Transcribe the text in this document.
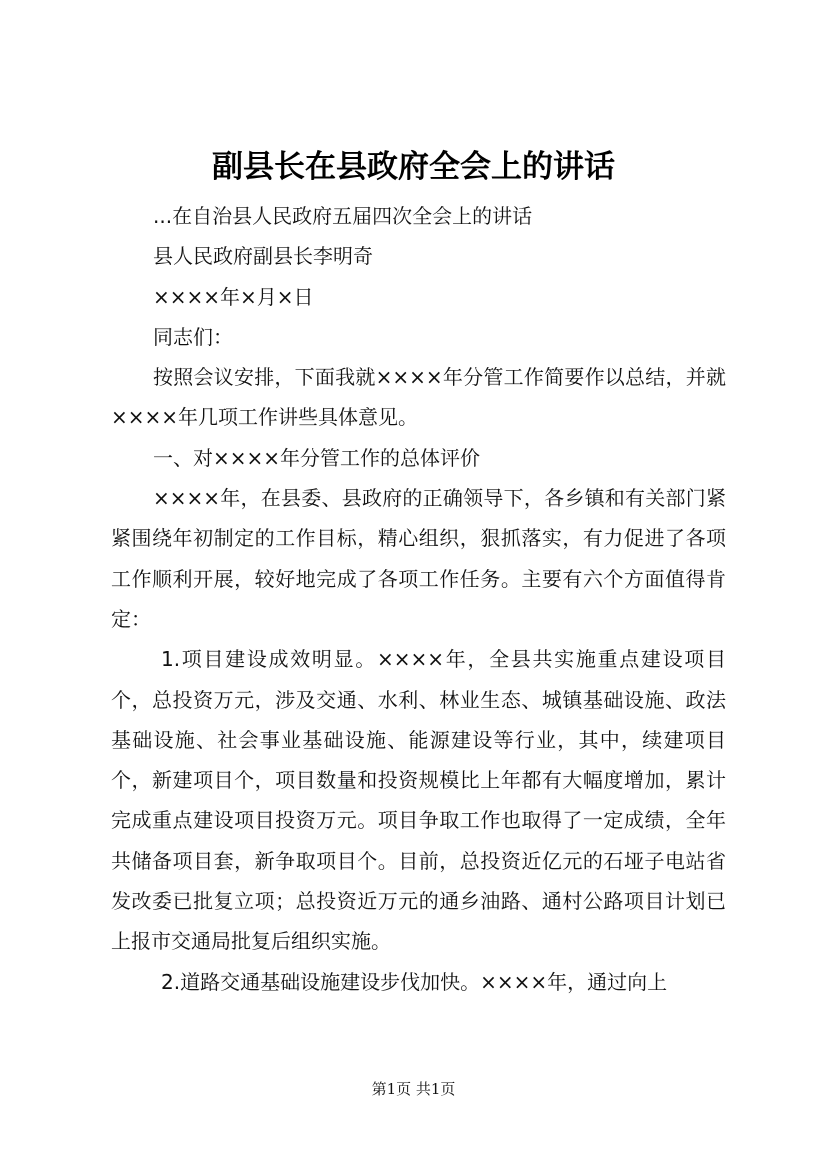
副县长在县政府全会上的讲话

...在自治县人民政府五届四次全会上的讲话

县人民政府副县长李明奇

××××年×月×日

同志们：

按照会议安排，下面我就××××年分管工作简要作以总结，并就××××年几项工作讲些具体意见。

一、对××××年分管工作的总体评价

××××年，在县委、县政府的正确领导下，各乡镇和有关部门紧紧围绕年初制定的工作目标，精心组织，狠抓落实，有力促进了各项工作顺利开展，较好地完成了各项工作任务。主要有六个方面值得肯定：

1.项目建设成效明显。××××年，全县共实施重点建设项目个，总投资万元，涉及交通、水利、林业生态、城镇基础设施、政法基础设施、社会事业基础设施、能源建设等行业，其中，续建项目个，新建项目个，项目数量和投资规模比上年都有大幅度增加，累计完成重点建设项目投资万元。项目争取工作也取得了一定成绩，全年共储备项目套，新争取项目个。目前，总投资近亿元的石垭子电站省发改委已批复立项；总投资近万元的通乡油路、通村公路项目计划已上报市交通局批复后组织实施。

2.道路交通基础设施建设步伐加快。××××年，通过向上

第1页 共1页
